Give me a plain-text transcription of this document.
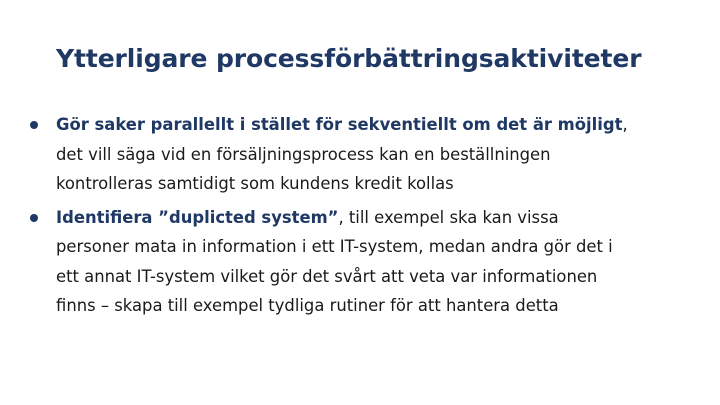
Ytterligare processförbättringsaktiviteter
Gör saker parallellt i stället för sekventiellt om det är möjligt,
det vill säga vid en försäljningsprocess kan en beställningen
kontrolleras samtidigt som kundens kredit kollas
Identifiera ”duplicted system”, till exempel ska kan vissa
personer mata in information i ett IT-system, medan andra gör det i
ett annat IT-system vilket gör det svårt att veta var informationen
finns – skapa till exempel tydliga rutiner för att hantera detta
